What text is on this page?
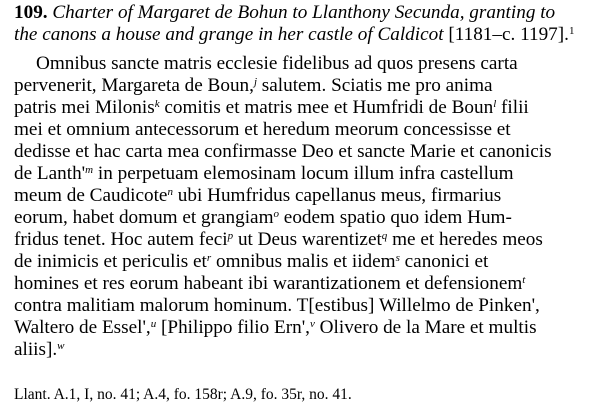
109. Charter of Margaret de Bohun to Llanthony Secunda, granting to
the canons a house and grange in her castle of Caldicot [1181–c. 1197].$^1$
Omnibus sancte matris ecclesie fidelibus ad quos presens carta
pervenerit, Margareta de Boun,$^j$ salutem. Sciatis me pro anima
patris mei Milonis$^k$ comitis et matris mee et Humfridi de Boun$^l$ filii
mei et omnium antecessorum et heredum meorum concessisse et
dedisse et hac carta mea confirmasse Deo et sancte Marie et canonicis
de $Lanth'^m$ in perpetuam elemosinam locum illum infra castellum
meum de Caudicote$^n$ ubi Humfridus capellanus meus, firmarius
eorum, habet domum et grangiam$^o$ eodem spatio quo idem Hum-
fridus tenet. Hoc autem feci$^p$ ut Deus warentizet$^q$ me et heredes meos
de inimicis et periculis $et^r$ omnibus malis et iidem$^s$ canonici et
homines et res eorum habeant ibi warantizationem et defensionem$^t$
contra malitiam malorum hominum. T[estibus] Willelmo de Pinken',
Waltero de Essel',$^u$ [Philippo filio Ern',$^v$ Olivero de la Mare et multis
aliis].$^w$
Llant. A.1, I, no. 41; A.4, fo. 158r; A.9, fo. 35r, no. 41.
